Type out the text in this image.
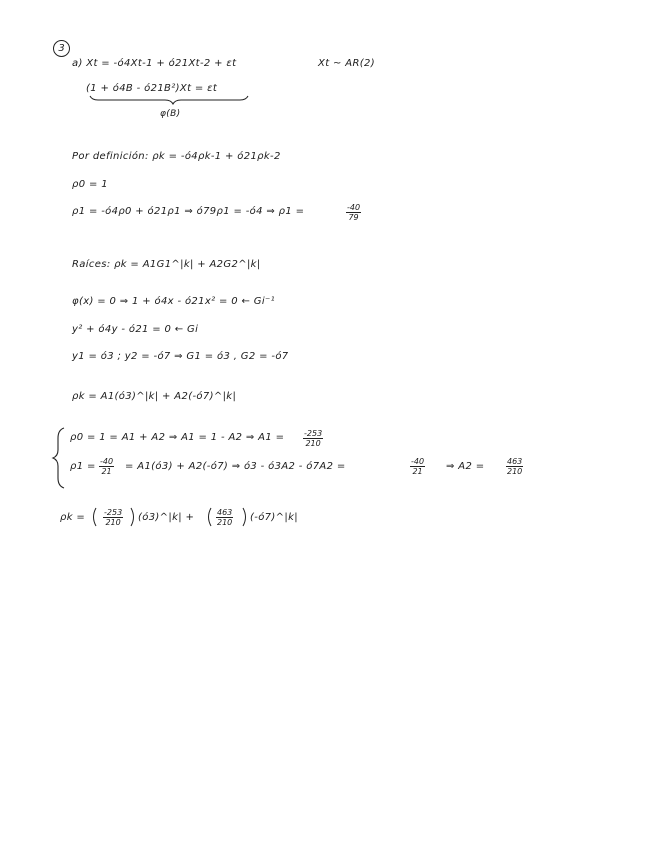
3
a) Xt = -ó4Xt-1 + ó21Xt-2 + εt	Xt ~ AR(2)
(1 + ó4B - ó21B²)Xt = εt
φ(B)
Por definición: ρk = -ó4ρk-1 + ó21ρk-2
ρ0 = 1
ρ1 = -ó4ρ0 + ó21ρ1 ⇒ ó79ρ1 = -ó4 ⇒ ρ1 =	$\frac{-40}{79}$
Raíces: ρk = A1G1^|k| + A2G2^|k|
φ(x) = 0 ⇒ 1 + ó4x - ó21x² = 0 ← Gi⁻¹
y² + ó4y - ó21 = 0 ← Gi
y1 = ó3 ; y2 = -ó7 ⇒ G1 = ó3 , G2 = -ó7
ρk = A1(ó3)^|k| + A2(-ó7)^|k|
ρ0 = 1 = A1 + A2 ⇒ A1 = 1 - A2 ⇒ $A1 = \frac{-253}{210}$
$\rho 1 = \frac{-40}{21}$ = A1(ó3) + A2(-ó7) ⇒ ó3 - ó3A2 - ó7A2 =	$\frac{-40}{21}$ ⇒ A2 =	$\frac{463}{210}$
$\rho k = \frac{-253}{210}$ (ó3)^|k| +	$\frac{463}{210}$ (-ó7)^|k|
